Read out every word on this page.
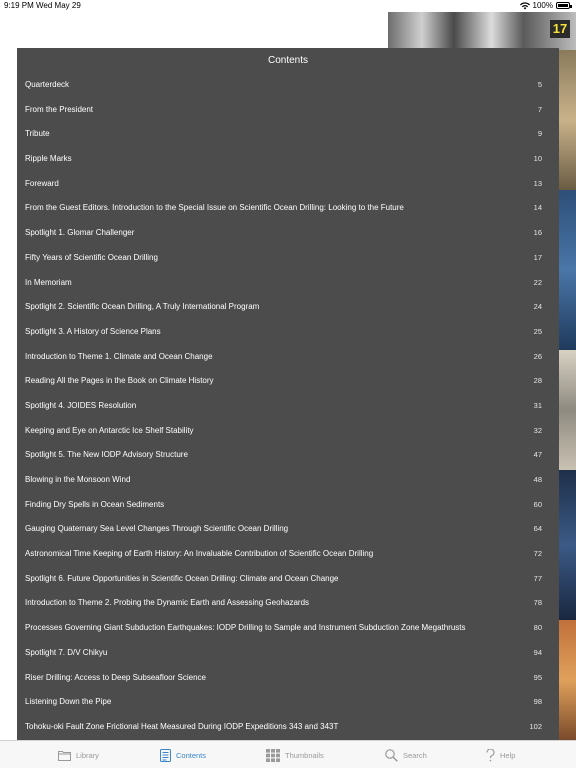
9:19 PM Wed May 29	100%
17
Contents
Quarterdeck	5
From the President	7
Tribute	9
Ripple Marks	10
Foreward	13
From the Guest Editors. Introduction to the Special Issue on Scientific Ocean Drilling: Looking to the Future	14
Spotlight 1. Glomar Challenger	16
Fifty Years of Scientific Ocean Drilling	17
In Memoriam	22
Spotlight 2. Scientific Ocean Drilling, A Truly International Program	24
Spotlight 3. A History of Science Plans	25
Introduction to Theme 1. Climate and Ocean Change	26
Reading All the Pages in the Book on Climate History	28
Spotlight 4. JOIDES Resolution	31
Keeping and Eye on Antarctic Ice Shelf Stability	32
Spotlight 5. The New IODP Advisory Structure	47
Blowing in the Monsoon Wind	48
Finding Dry Spells in Ocean Sediments	60
Gauging Quaternary Sea Level Changes Through Scientific Ocean Drilling	64
Astronomical Time Keeping of Earth History: An Invaluable Contribution of Scientific Ocean Drilling	72
Spotlight 6. Future Opportunities in Scientific Ocean Drilling: Climate and Ocean Change	77
Introduction to Theme 2. Probing the Dynamic Earth and Assessing Geohazards	78
Processes Governing Giant Subduction Earthquakes: IODP Drilling to Sample and Instrument Subduction Zone Megathrusts	80
Spotlight 7. D/V Chikyu	94
Riser Drilling: Access to Deep Subseafloor Science	95
Listening Down the Pipe	98
Tohoku-oki Fault Zone Frictional Heat Measured During IODP Expeditions 343 and 343T	102
Library	Contents	Thumbnails	Search	Help
